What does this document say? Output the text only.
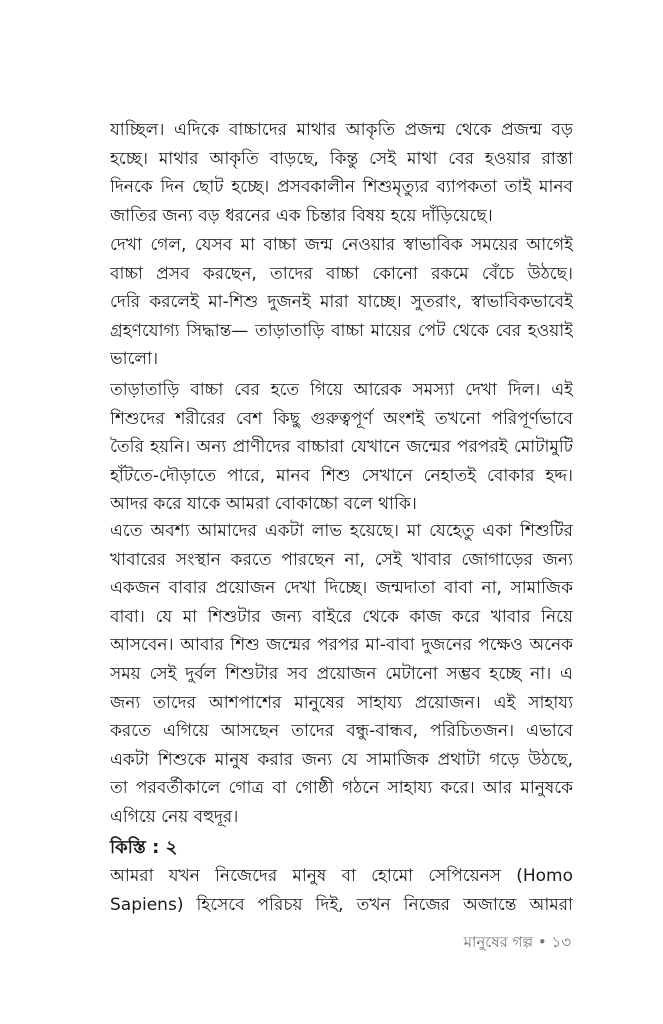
যাচ্ছিল। এদিকে বাচ্চাদের মাথার আকৃতি প্রজন্ম থেকে প্রজন্ম বড়
হচ্ছে। মাথার আকৃতি বাড়ছে, কিন্তু সেই মাথা বের হওয়ার রাস্তা
দিনকে দিন ছোট হচ্ছে। প্রসবকালীন শিশুমৃত্যুর ব্যাপকতা তাই মানব
জাতির জন্য বড় ধরনের এক চিন্তার বিষয় হয়ে দাঁড়িয়েছে।
দেখা গেল, যেসব মা বাচ্চা জন্ম নেওয়ার স্বাভাবিক সময়ের আগেই
বাচ্চা প্রসব করছেন, তাদের বাচ্চা কোনো রকমে বেঁচে উঠছে।
দেরি করলেই মা-শিশু দুজনই মারা যাচ্ছে। সুতরাং, স্বাভাবিকভাবেই
গ্রহণযোগ্য সিদ্ধান্ত— তাড়াতাড়ি বাচ্চা মায়ের পেট থেকে বের হওয়াই
ভালো।
তাড়াতাড়ি বাচ্চা বের হতে গিয়ে আরেক সমস্যা দেখা দিল। এই
শিশুদের শরীরের বেশ কিছু গুরুত্বপূর্ণ অংশই তখনো পরিপূর্ণভাবে
তৈরি হয়নি। অন্য প্রাণীদের বাচ্চারা যেখানে জন্মের পরপরই মোটামুটি
হাঁটতে-দৌড়াতে পারে, মানব শিশু সেখানে নেহাতই বোকার হদ্দ।
আদর করে যাকে আমরা বোকাচ্চো বলে থাকি।
এতে অবশ্য আমাদের একটা লাভ হয়েছে। মা যেহেতু একা শিশুটির
খাবারের সংস্থান করতে পারছেন না, সেই খাবার জোগাড়ের জন্য
একজন বাবার প্রয়োজন দেখা দিচ্ছে। জন্মদাতা বাবা না, সামাজিক
বাবা। যে মা শিশুটার জন্য বাইরে থেকে কাজ করে খাবার নিয়ে
আসবেন। আবার শিশু জন্মের পরপর মা-বাবা দুজনের পক্ষেও অনেক
সময় সেই দুর্বল শিশুটার সব প্রয়োজন মেটানো সম্ভব হচ্ছে না। এ
জন্য তাদের আশপাশের মানুষের সাহায্য প্রয়োজন। এই সাহায্য
করতে এগিয়ে আসছেন তাদের বন্ধু-বান্ধব, পরিচিতজন। এভাবে
একটা শিশুকে মানুষ করার জন্য যে সামাজিক প্রথাটা গড়ে উঠছে,
তা পরবর্তীকালে গোত্র বা গোষ্ঠী গঠনে সাহায্য করে। আর মানুষকে
এগিয়ে নেয় বহুদূর।
কিস্তি : ২
আমরা যখন নিজেদের মানুষ বা হোমো সেপিয়েনস (Homo
Sapiens) হিসেবে পরিচয় দিই, তখন নিজের অজান্তে আমরা
মানুষের গল্প • ১৩
